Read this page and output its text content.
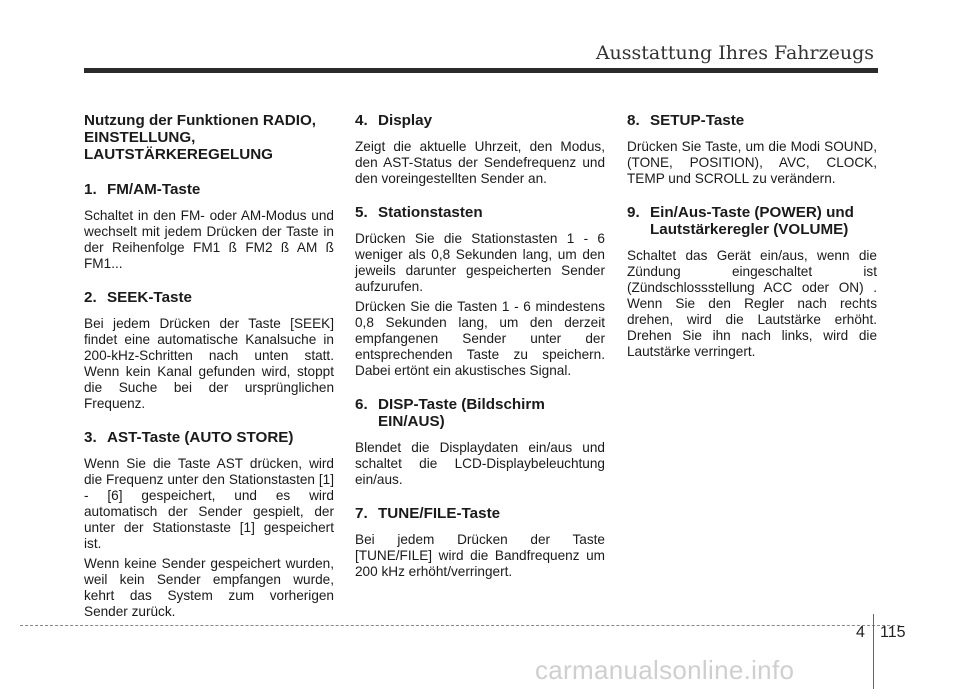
Ausstattung Ihres Fahrzeugs
Nutzung der Funktionen RADIO, EINSTELLUNG, LAUTSTÄRKEREGELUNG
1. FM/AM-Taste
Schaltet in den FM- oder AM-Modus und wechselt mit jedem Drücken der Taste in der Reihenfolge FM1 ß FM2 ß AM ß FM1...
2. SEEK-Taste
Bei jedem Drücken der Taste [SEEK] findet eine automatische Kanalsuche in 200-kHz-Schritten nach unten statt. Wenn kein Kanal gefunden wird, stoppt die Suche bei der ursprünglichen Frequenz.
3. AST-Taste (AUTO STORE)
Wenn Sie die Taste AST drücken, wird die Frequenz unter den Stationstasten [1] - [6] gespeichert, und es wird automatisch der Sender gespielt, der unter der Stationstaste [1] gespeichert ist.
Wenn keine Sender gespeichert wurden, weil kein Sender empfangen wurde, kehrt das System zum vorherigen Sender zurück.
4. Display
Zeigt die aktuelle Uhrzeit, den Modus, den AST-Status der Sendefrequenz und den voreingestellten Sender an.
5. Stationstasten
Drücken Sie die Stationstasten 1 - 6 weniger als 0,8 Sekunden lang, um den jeweils darunter gespeicherten Sender aufzurufen.
Drücken Sie die Tasten 1 - 6 mindestens 0,8 Sekunden lang, um den derzeit empfangenen Sender unter der entsprechenden Taste zu speichern. Dabei ertönt ein akustisches Signal.
6. DISP-Taste (Bildschirm EIN/AUS)
Blendet die Displaydaten ein/aus und schaltet die LCD-Displaybeleuchtung ein/aus.
7. TUNE/FILE-Taste
Bei jedem Drücken der Taste [TUNE/FILE] wird die Bandfrequenz um 200 kHz erhöht/verringert.
8. SETUP-Taste
Drücken Sie Taste, um die Modi SOUND, (TONE, POSITION), AVC, CLOCK, TEMP und SCROLL zu verändern.
9. Ein/Aus-Taste (POWER) und Lautstärkeregler (VOLUME)
Schaltet das Gerät ein/aus, wenn die Zündung eingeschaltet ist (Zündschlossstellung ACC oder ON) . Wenn Sie den Regler nach rechts drehen, wird die Lautstärke erhöht. Drehen Sie ihn nach links, wird die Lautstärke verringert.
4 115
carmanualsonline.info
